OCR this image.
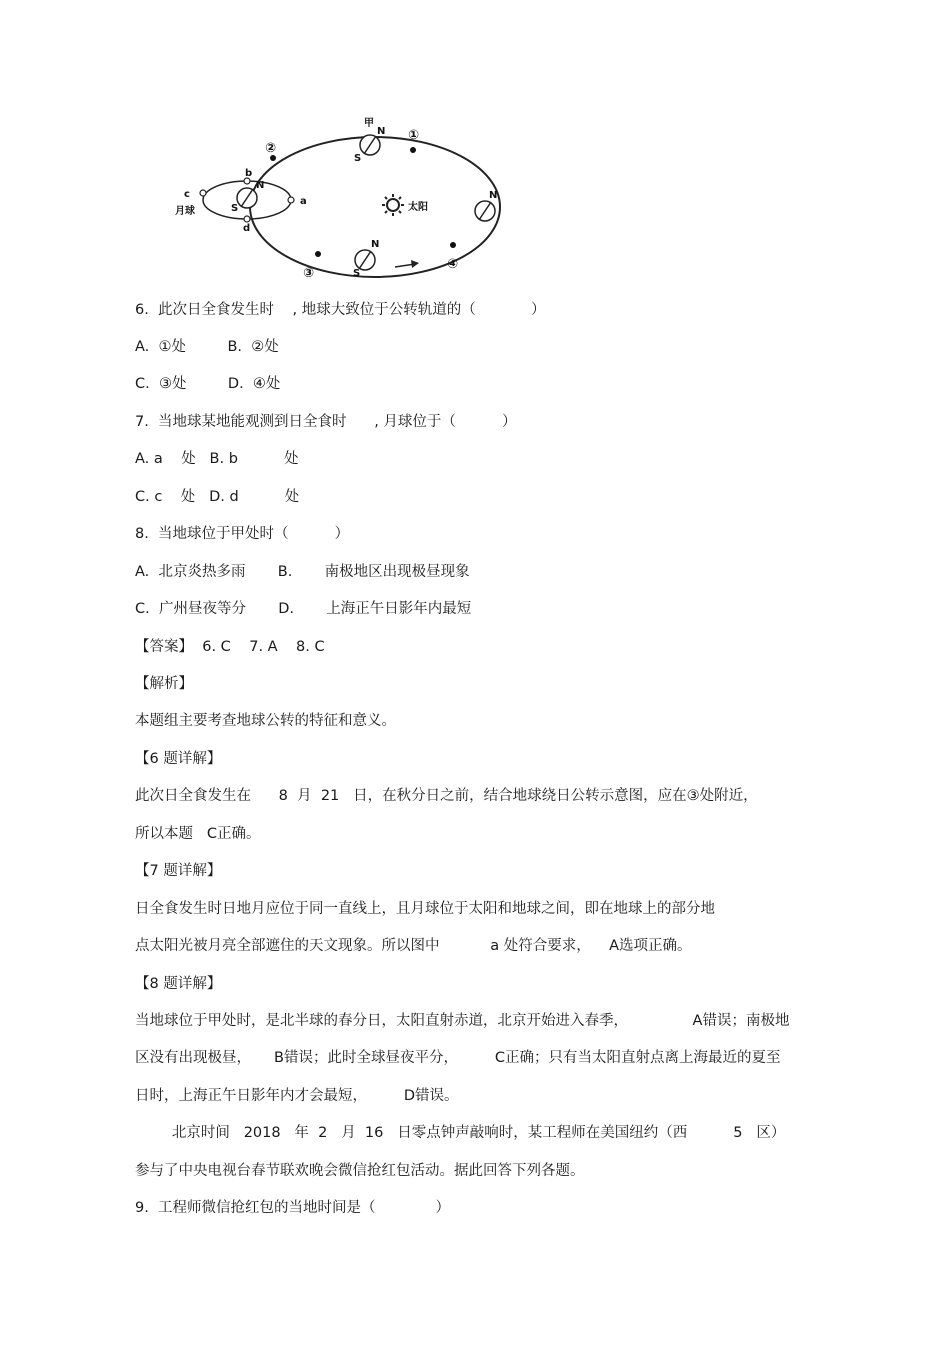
N
S
甲
N
S
N
N
S
太阳
①
②
③
④
a
b
c
d
月球
6.  此次日全食发生时    , 地球大致位于公转轨道的（            ）
A.  ①处         B.  ②处
C.  ③处         D.  ④处
7.  当地球某地能观测到日全食时      , 月球位于（          ）
A. a    处   B. b          处
C. c    处   D. d          处
8.  当地球位于甲处时（          ）
A.  北京炎热多雨       B.       南极地区出现极昼现象
C.  广州昼夜等分       D.       上海正午日影年内最短
【答案】  6. C    7. A    8. C
【解析】
本题组主要考查地球公转的特征和意义。
【6 题详解】
此次日全食发生在      8  月  21   日，在秋分日之前，结合地球绕日公转示意图，应在③处附近，
所以本题   C正确。
【7 题详解】
日全食发生时日地月应位于同一直线上，且月球位于太阳和地球之间，即在地球上的部分地
点太阳光被月亮全部遮住的天文现象。所以图中           a 处符合要求，    A选项正确。
【8 题详解】
当地球位于甲处时，是北半球的春分日，太阳直射赤道，北京开始进入春季，              A错误；南极地
区没有出现极昼，     B错误；此时全球昼夜平分，        C正确；只有当太阳直射点离上海最近的夏至
日时，上海正午日影年内才会最短，        D错误。
北京时间   2018   年  2   月  16   日零点钟声敲响时，某工程师在美国纽约（西          5   区）
参与了中央电视台春节联欢晚会微信抢红包活动。据此回答下列各题。
9.  工程师微信抢红包的当地时间是（             ）
